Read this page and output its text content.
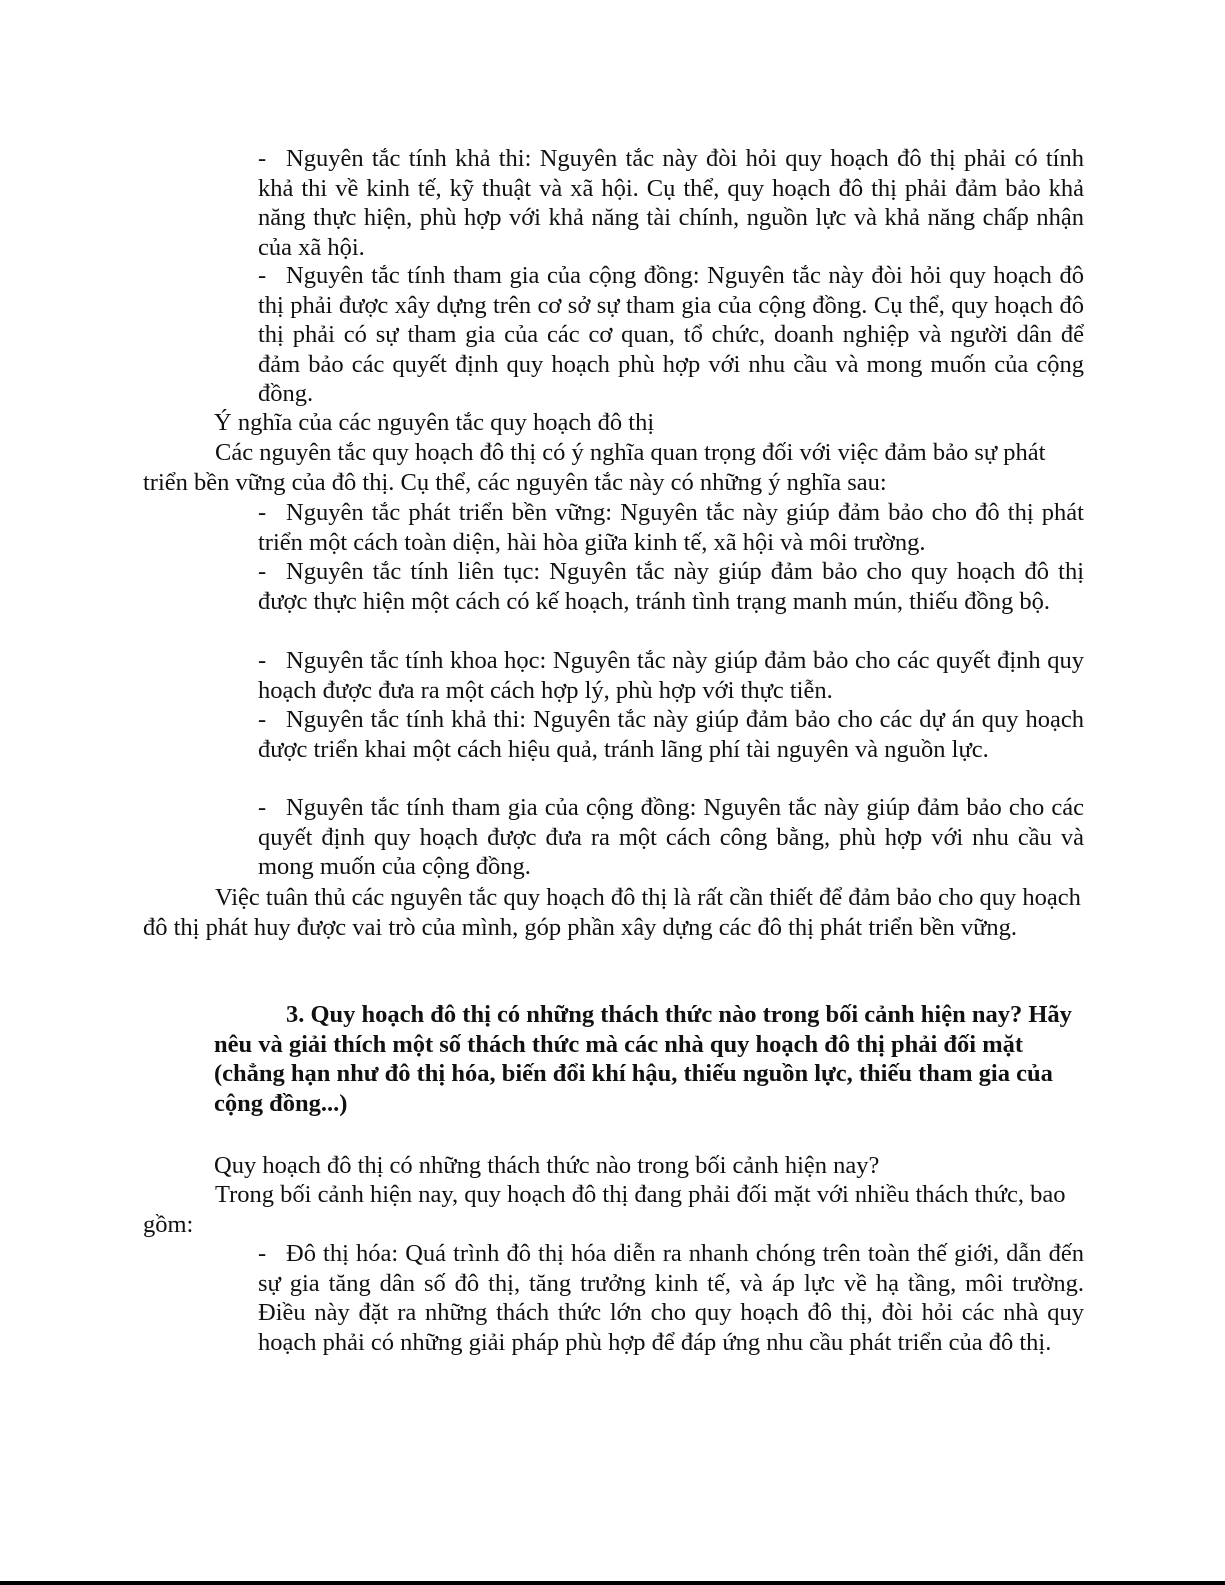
- Nguyên tắc tính khả thi: Nguyên tắc này đòi hỏi quy hoạch đô thị phải có tính khả thi về kinh tế, kỹ thuật và xã hội. Cụ thể, quy hoạch đô thị phải đảm bảo khả năng thực hiện, phù hợp với khả năng tài chính, nguồn lực và khả năng chấp nhận của xã hội.
- Nguyên tắc tính tham gia của cộng đồng: Nguyên tắc này đòi hỏi quy hoạch đô thị phải được xây dựng trên cơ sở sự tham gia của cộng đồng. Cụ thể, quy hoạch đô thị phải có sự tham gia của các cơ quan, tổ chức, doanh nghiệp và người dân để đảm bảo các quyết định quy hoạch phù hợp với nhu cầu và mong muốn của cộng đồng.
Ý nghĩa của các nguyên tắc quy hoạch đô thị
Các nguyên tắc quy hoạch đô thị có ý nghĩa quan trọng đối với việc đảm bảo sự phát triển bền vững của đô thị. Cụ thể, các nguyên tắc này có những ý nghĩa sau:
- Nguyên tắc phát triển bền vững: Nguyên tắc này giúp đảm bảo cho đô thị phát triển một cách toàn diện, hài hòa giữa kinh tế, xã hội và môi trường.
- Nguyên tắc tính liên tục: Nguyên tắc này giúp đảm bảo cho quy hoạch đô thị được thực hiện một cách có kế hoạch, tránh tình trạng manh mún, thiếu đồng bộ.
- Nguyên tắc tính khoa học: Nguyên tắc này giúp đảm bảo cho các quyết định quy hoạch được đưa ra một cách hợp lý, phù hợp với thực tiễn.
- Nguyên tắc tính khả thi: Nguyên tắc này giúp đảm bảo cho các dự án quy hoạch được triển khai một cách hiệu quả, tránh lãng phí tài nguyên và nguồn lực.
- Nguyên tắc tính tham gia của cộng đồng: Nguyên tắc này giúp đảm bảo cho các quyết định quy hoạch được đưa ra một cách công bằng, phù hợp với nhu cầu và mong muốn của cộng đồng.
Việc tuân thủ các nguyên tắc quy hoạch đô thị là rất cần thiết để đảm bảo cho quy hoạch đô thị phát huy được vai trò của mình, góp phần xây dựng các đô thị phát triển bền vững.
3. Quy hoạch đô thị có những thách thức nào trong bối cảnh hiện nay? Hãy nêu và giải thích một số thách thức mà các nhà quy hoạch đô thị phải đối mặt (chẳng hạn như đô thị hóa, biến đổi khí hậu, thiếu nguồn lực, thiếu tham gia của cộng đồng...)
Quy hoạch đô thị có những thách thức nào trong bối cảnh hiện nay?
Trong bối cảnh hiện nay, quy hoạch đô thị đang phải đối mặt với nhiều thách thức, bao gồm:
- Đô thị hóa: Quá trình đô thị hóa diễn ra nhanh chóng trên toàn thế giới, dẫn đến sự gia tăng dân số đô thị, tăng trưởng kinh tế, và áp lực về hạ tầng, môi trường. Điều này đặt ra những thách thức lớn cho quy hoạch đô thị, đòi hỏi các nhà quy hoạch phải có những giải pháp phù hợp để đáp ứng nhu cầu phát triển của đô thị.
